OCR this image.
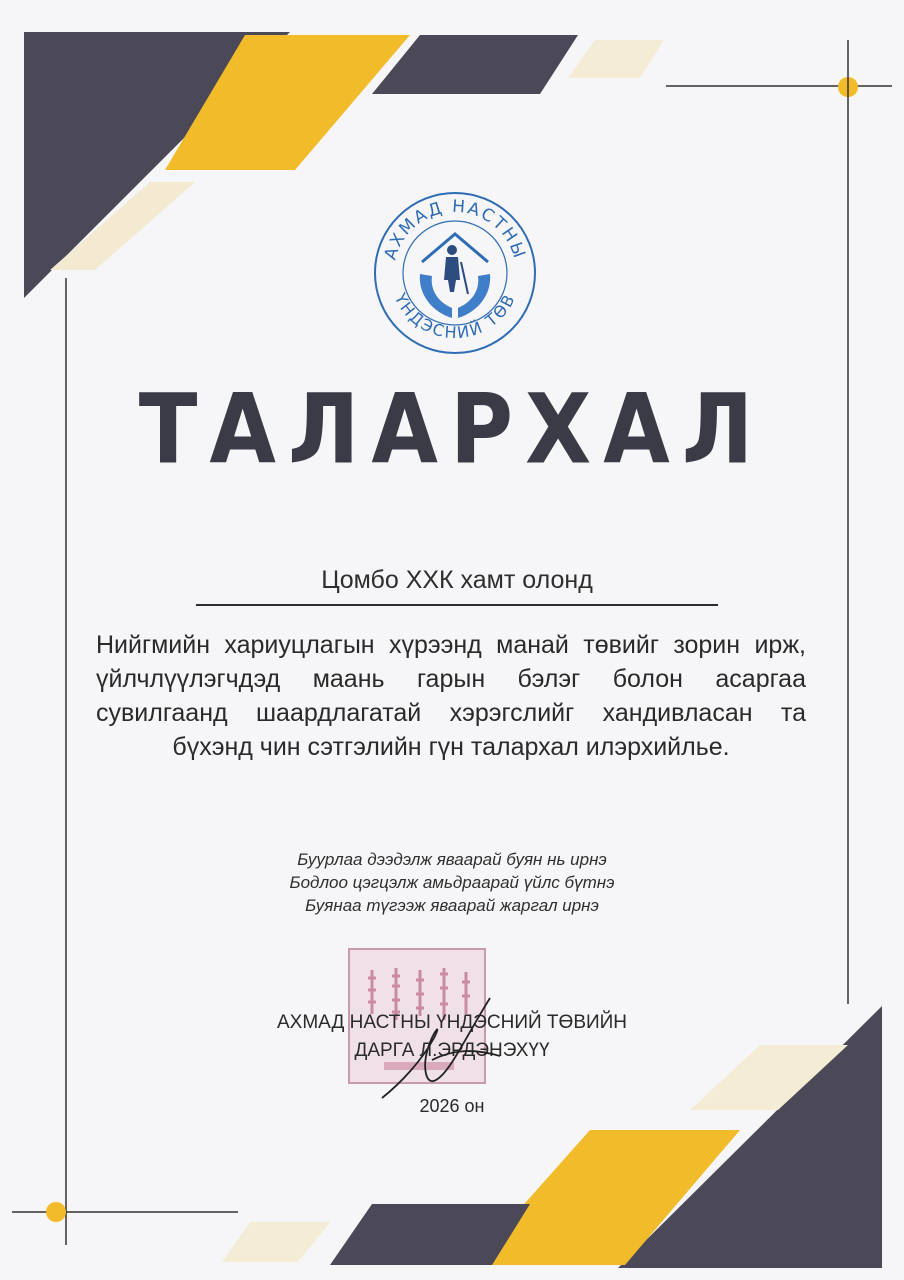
АХМАД НАСТНЫ
ҮНДЭСНИЙ ТӨВ
ТАЛАРХАЛ
Цомбо ХХК хамт олонд
Нийгмийн хариуцлагын хүрээнд манай төвийг зорин ирж, үйлчлүүлэгчдэд маань гарын бэлэг болон асаргаа сувилгаанд шаардлагатай хэрэгслийг хандивласан та бүхэнд чин сэтгэлийн гүн талархал илэрхийлье.
Буурлаа дээдэлж яваарай буян нь ирнэ
Бодлоо цэгцэлж амьдраарай үйлс бүтнэ
Буянаа түгээж яваарай жаргал ирнэ
АХМАД НАСТНЫ ҮНДЭСНИЙ ТӨВИЙН
ДАРГА Л.ЭРДЭНЭХҮҮ
2026 он
